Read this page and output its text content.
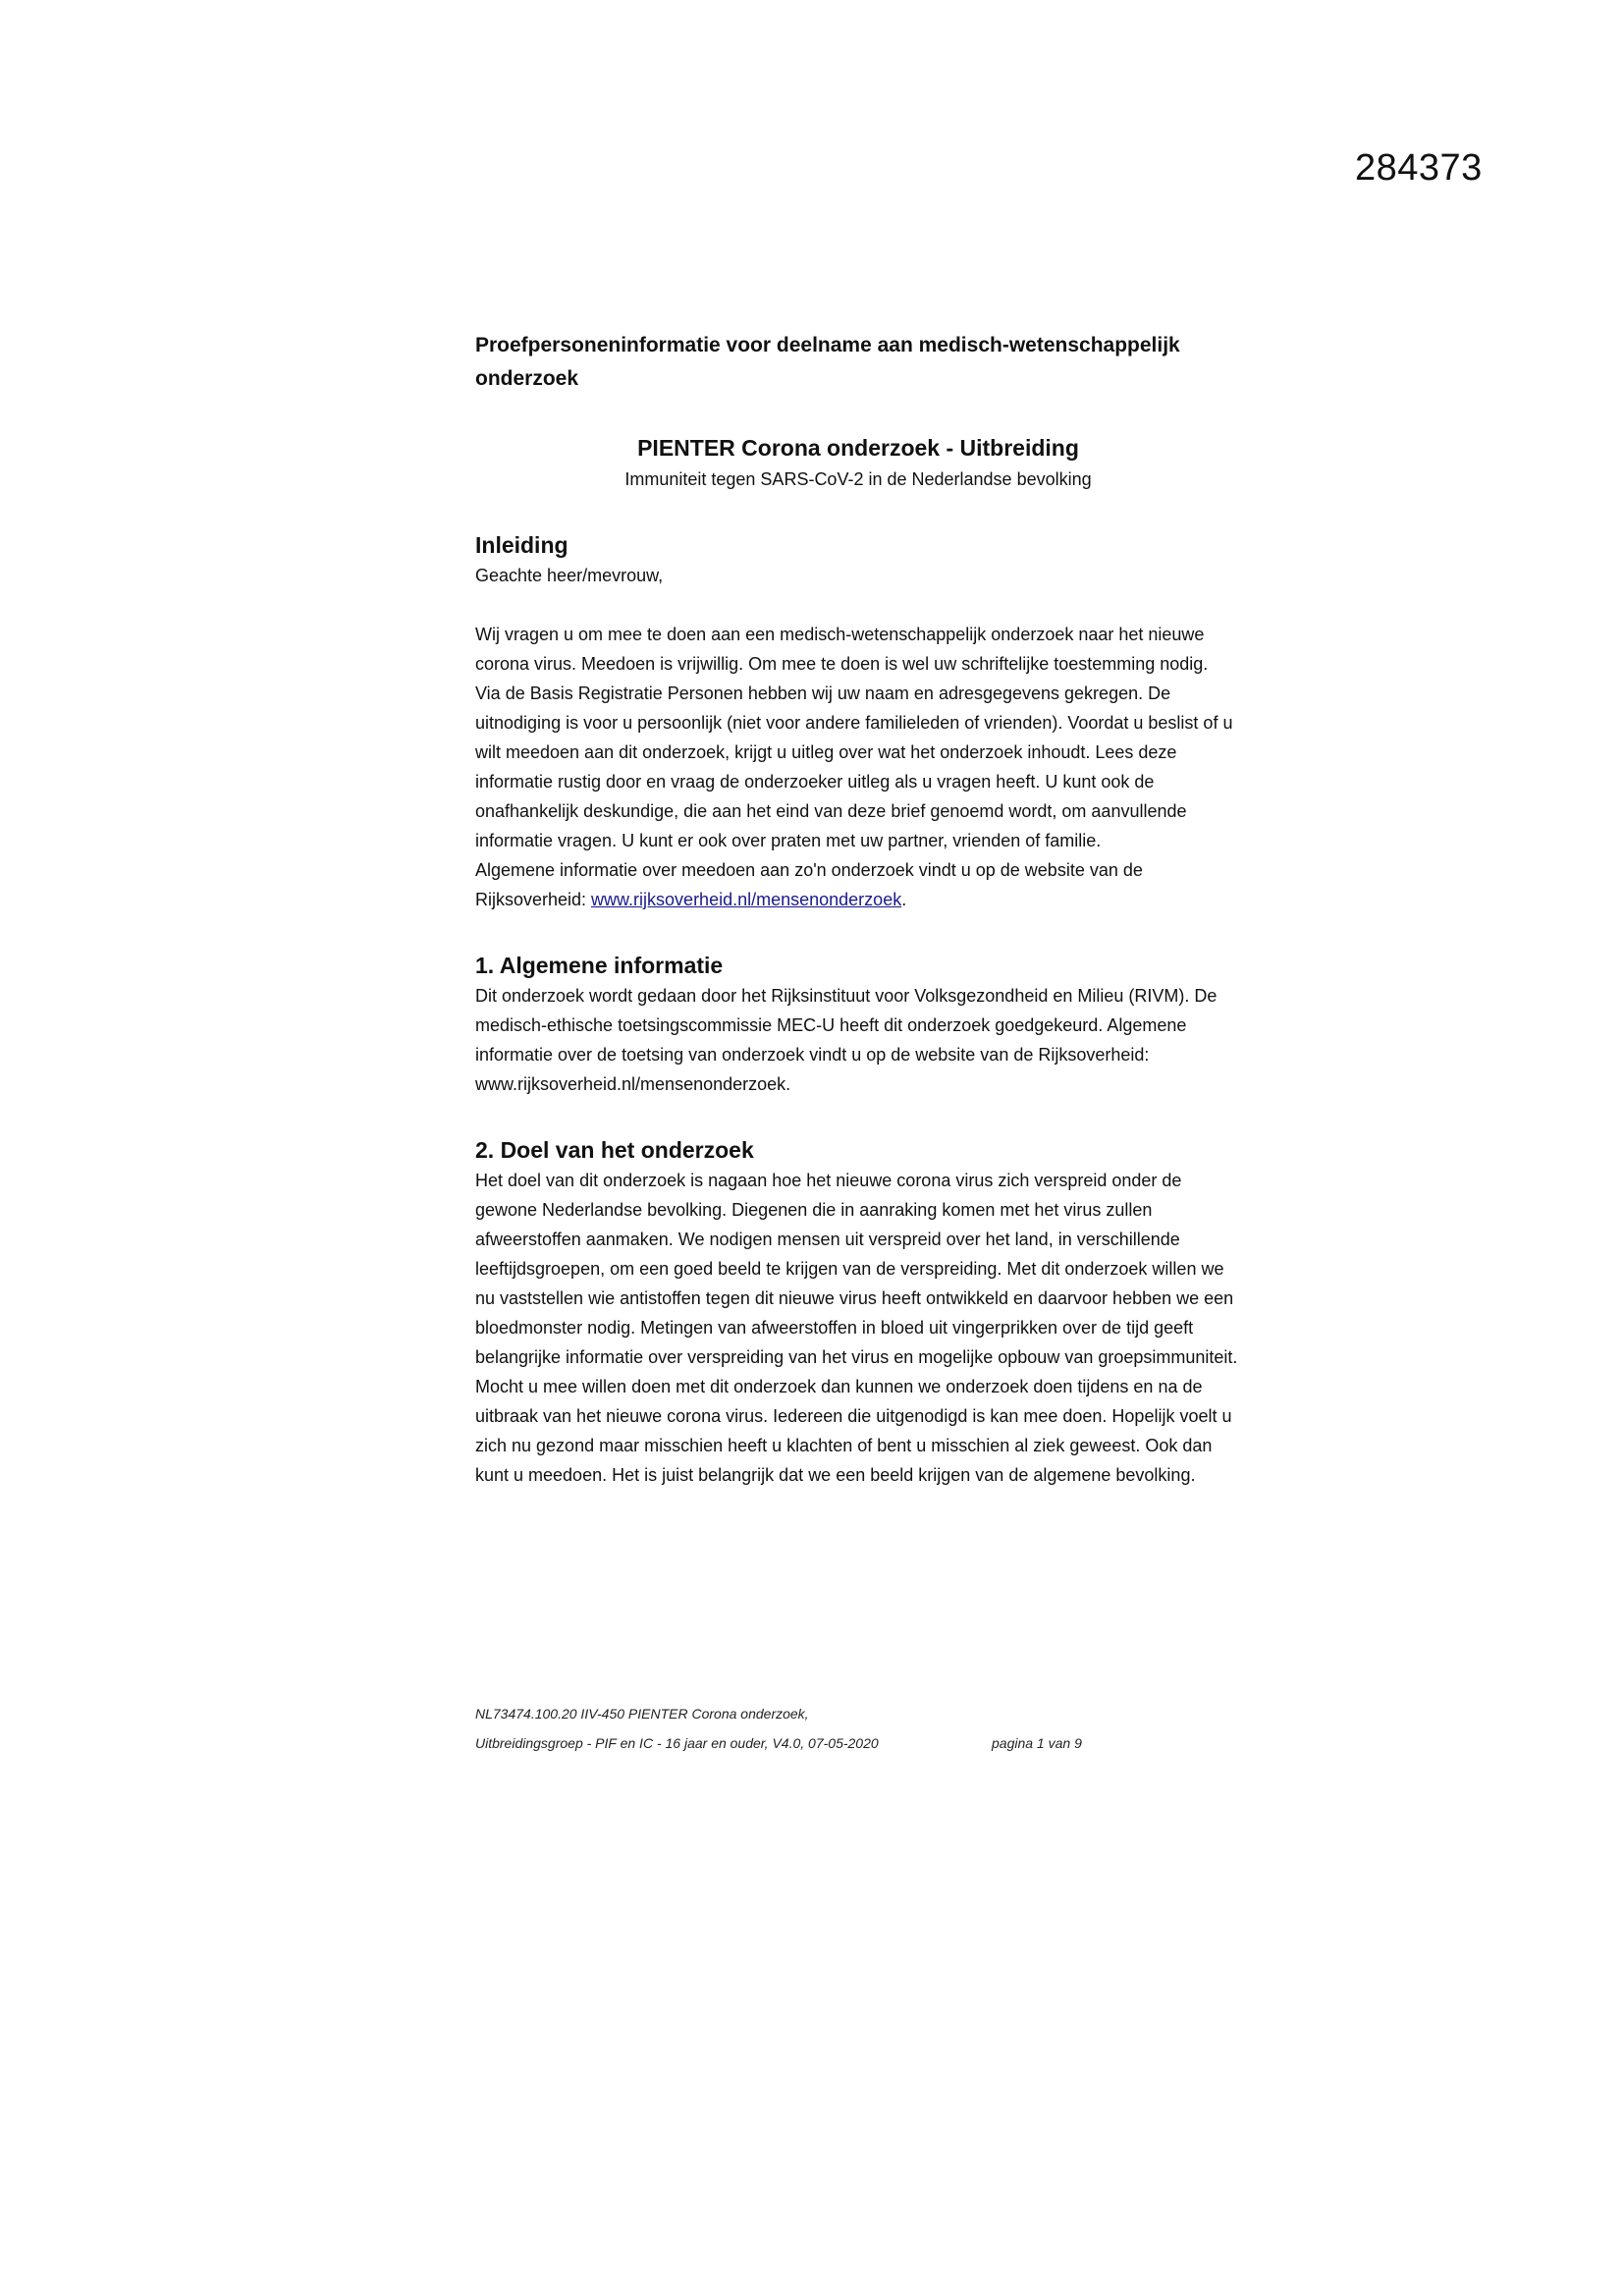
284373
Proefpersoneninformatie voor deelname aan medisch-wetenschappelijk onderzoek
PIENTER Corona onderzoek - Uitbreiding

Immuniteit tegen SARS-CoV-2 in de Nederlandse bevolking

Inleiding

Geachte heer/mevrouw,

Wij vragen u om mee te doen aan een medisch-wetenschappelijk onderzoek naar het nieuwe corona virus. Meedoen is vrijwillig. Om mee te doen is wel uw schriftelijke toestemming nodig.

Via de Basis Registratie Personen hebben wij uw naam en adresgegevens gekregen. De uitnodiging is voor u persoonlijk (niet voor andere familieleden of vrienden). Voordat u beslist of u wilt meedoen aan dit onderzoek, krijgt u uitleg over wat het onderzoek inhoudt. Lees deze informatie rustig door en vraag de onderzoeker uitleg als u vragen heeft. U kunt ook de onafhankelijk deskundige, die aan het eind van deze brief genoemd wordt, om aanvullende informatie vragen. U kunt er ook over praten met uw partner, vrienden of familie.

Algemene informatie over meedoen aan zo'n onderzoek vindt u op de website van de Rijksoverheid: www.rijksoverheid.nl/mensenonderzoek.

1. Algemene informatie

Dit onderzoek wordt gedaan door het Rijksinstituut voor Volksgezondheid en Milieu (RIVM). De medisch-ethische toetsingscommissie MEC-U heeft dit onderzoek goedgekeurd. Algemene informatie over de toetsing van onderzoek vindt u op de website van de Rijksoverheid: www.rijksoverheid.nl/mensenonderzoek.

2. Doel van het onderzoek

Het doel van dit onderzoek is nagaan hoe het nieuwe corona virus zich verspreid onder de gewone Nederlandse bevolking. Diegenen die in aanraking komen met het virus zullen afweerstoffen aanmaken. We nodigen mensen uit verspreid over het land, in verschillende leeftijdsgroepen, om een goed beeld te krijgen van de verspreiding. Met dit onderzoek willen we nu vaststellen wie antistoffen tegen dit nieuwe virus heeft ontwikkeld en daarvoor hebben we een bloedmonster nodig. Metingen van afweerstoffen in bloed uit vingerprikken over de tijd geeft belangrijke informatie over verspreiding van het virus en mogelijke opbouw van groepsimmuniteit. Mocht u mee willen doen met dit onderzoek dan kunnen we onderzoek doen tijdens en na de uitbraak van het nieuwe corona virus. Iedereen die uitgenodigd is kan mee doen. Hopelijk voelt u zich nu gezond maar misschien heeft u klachten of bent u misschien al ziek geweest. Ook dan kunt u meedoen. Het is juist belangrijk dat we een beeld krijgen van de algemene bevolking.

NL73474.100.20 IIV-450 PIENTER Corona onderzoek,
Uitbreidingsgroep - PIF en IC - 16 jaar en ouder, V4.0, 07-05-2020	pagina 1 van 9
